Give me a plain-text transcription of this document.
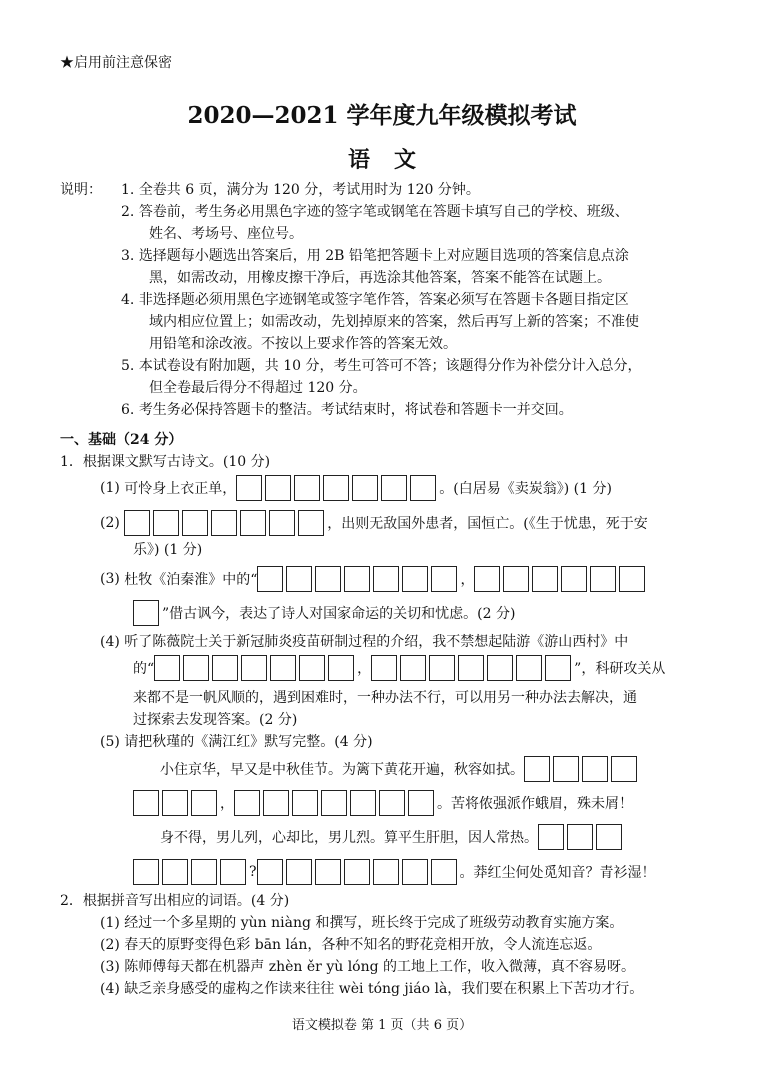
★启用前注意保密
2020—2021 学年度九年级模拟考试
语文
说明： 1. 全卷共 6 页，满分为 120 分，考试用时为 120 分钟。
2. 答卷前，考生务必用黑色字迹的签字笔或钢笔在答题卡填写自己的学校、班级、
姓名、考场号、座位号。
3. 选择题每小题选出答案后，用 2B 铅笔把答题卡上对应题目选项的答案信息点涂
黑，如需改动，用橡皮擦干净后，再选涂其他答案，答案不能答在试题上。
4. 非选择题必须用黑色字迹钢笔或签字笔作答，答案必须写在答题卡各题目指定区
域内相应位置上；如需改动，先划掉原来的答案，然后再写上新的答案；不准使
用铅笔和涂改液。不按以上要求作答的答案无效。
5. 本试卷设有附加题，共 10 分，考生可答可不答；该题得分作为补偿分计入总分，
但全卷最后得分不得超过 120 分。
6. 考生务必保持答题卡的整洁。考试结束时，将试卷和答题卡一并交回。
一、基础（24 分）
1．根据课文默写古诗文。(10 分)
(1)
可怜身上衣正单，	。(白居易《卖炭翁》) (1 分)
(2)
	，出则无敌国外患者，国恒亡。(《生于忧患，死于安
乐》) (1 分)
(3)
杜牧《泊秦淮》中的“	，
”借古讽今，表达了诗人对国家命运的关切和忧虑。(2 分)
(4) 听了陈薇院士关于新冠肺炎疫苗研制过程的介绍，我不禁想起陆游《游山西村》中
的“	，	”，科研攻关从
来都不是一帆风顺的，遇到困难时，一种办法不行，可以用另一种办法去解决，通
过探索去发现答案。(2 分)
(5) 请把秋瑾的《满江红》默写完整。(4 分)
小住京华，早又是中秋佳节。为篱下黄花开遍，秋容如拭。
，	。苦将侬强派作蛾眉，殊未屑！
身不得，男儿列，心却比，男儿烈。算平生肝胆，因人常热。
?	。莽红尘何处觅知音？青衫湿！
2．根据拼音写出相应的词语。(4 分)
(1) 经过一个多星期的 yùn niàng 和撰写，班长终于完成了班级劳动教育实施方案。
(2) 春天的原野变得色彩 bān lán，各种不知名的野花竞相开放，令人流连忘返。
(3) 陈师傅每天都在机器声 zhèn ěr yù lóng 的工地上工作，收入微薄，真不容易呀。
(4) 缺乏亲身感受的虚构之作读来往往 wèi tóng jiáo là，我们要在积累上下苦功才行。
语文模拟卷 第 1 页（共 6 页）
